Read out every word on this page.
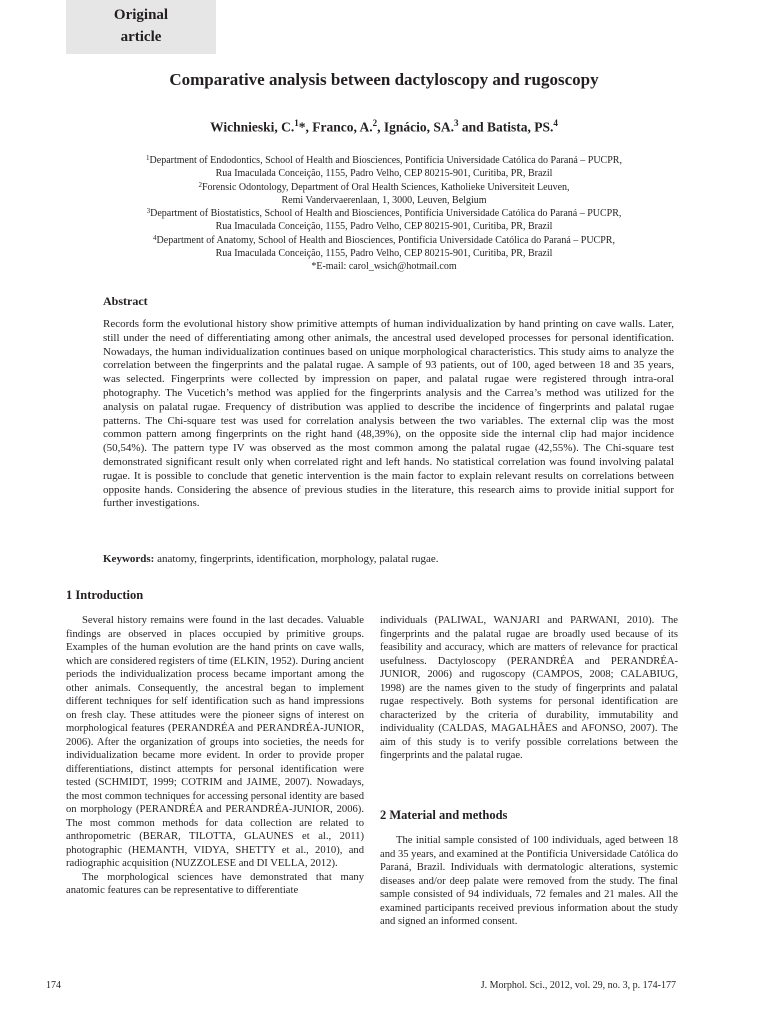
Original
article
Comparative analysis between dactyloscopy and rugoscopy
Wichnieski, C.$^1$*, Franco, A.$^2$, Ignácio, SA.$^3$ and Batista, PS.$^4$
$^1$Department of Endodontics, School of Health and Biosciences, Pontifícia Universidade Católica do Paraná – PUCPR,
Rua Imaculada Conceição, 1155, Padro Velho, CEP 80215-901, Curitiba, PR, Brazil
$^2$Forensic Odontology, Department of Oral Health Sciences, Katholieke Universiteit Leuven,
Remi Vandervaerenlaan, 1, 3000, Leuven, Belgium
$^3$Department of Biostatistics, School of Health and Biosciences, Pontifícia Universidade Católica do Paraná – PUCPR,
Rua Imaculada Conceição, 1155, Padro Velho, CEP 80215-901, Curitiba, PR, Brazil
$^4$Department of Anatomy, School of Health and Biosciences, Pontifícia Universidade Católica do Paraná – PUCPR,
Rua Imaculada Conceição, 1155, Padro Velho, CEP 80215-901, Curitiba, PR, Brazil
*E-mail: carol_wsich@hotmail.com
Abstract
Records form the evolutional history show primitive attempts of human individualization by hand printing on cave walls. Later, still under the need of differentiating among other animals, the ancestral used developed processes for personal identification. Nowadays, the human individualization continues based on unique morphological characteristics. This study aims to analyze the correlation between the fingerprints and the palatal rugae. A sample of 93 patients, out of 100, aged between 18 and 35 years, was selected. Fingerprints were collected by impression on paper, and palatal rugae were registered through intra-oral photography. The Vucetich’s method was applied for the fingerprints analysis and the Carrea’s method was utilized for the analysis on palatal rugae. Frequency of distribution was applied to describe the incidence of fingerprints and palatal rugae patterns. The Chi-square test was used for correlation analysis between the two variables. The external clip was the most common pattern among fingerprints on the right hand (48,39%), on the opposite side the internal clip had major incidence (50,54%). The pattern type IV was observed as the most common among the palatal rugae (42,55%). The Chi-square test demonstrated significant result only when correlated right and left hands. No statistical correlation was found involving palatal rugae. It is possible to conclude that genetic intervention is the main factor to explain relevant results on correlations between opposite hands. Considering the absence of previous studies in the literature, this research aims to provide initial support for further investigations.
Keywords: anatomy, fingerprints, identification, morphology, palatal rugae.
1 Introduction

Several history remains were found in the last decades. Valuable findings are observed in places occupied by primitive groups. Examples of the human evolution are the hand prints on cave walls, which are considered registers of time (ELKIN, 1952). During ancient periods the individualization process became important among the other animals. Consequently, the ancestral began to implement different techniques for self identification such as hand impressions on fresh clay. These attitudes were the pioneer signs of interest on morphological features (PERANDRÉA and PERANDRÉA-JUNIOR, 2006). After the organization of groups into societies, the needs for individualization became more evident. In order to provide proper differentiations, distinct attempts for personal identification were tested (SCHMIDT, 1999; COTRIM and JAIME, 2007). Nowadays, the most common techniques for accessing personal identity are based on morphology (PERANDRÉA and PERANDRÉA-JUNIOR, 2006). The most common methods for data collection are related to anthropometric (BERAR, TILOTTA, GLAUNES et al., 2011) photographic (HEMANTH, VIDYA, SHETTY et al., 2010), and radiographic acquisition (NUZZOLESE and DI VELLA, 2012).

The morphological sciences have demonstrated that many anatomic features can be representative to differentiate

individuals (PALIWAL, WANJARI and PARWANI, 2010). The fingerprints and the palatal rugae are broadly used because of its feasibility and accuracy, which are matters of relevance for practical usefulness. Dactyloscopy (PERANDRÉA and PERANDRÉA-JUNIOR, 2006) and rugoscopy (CAMPOS, 2008; CALABIUG, 1998) are the names given to the study of fingerprints and palatal rugae respectively. Both systems for personal identification are characterized by the criteria of durability, immutability and individuality (CALDAS, MAGALHÃES and AFONSO, 2007). The aim of this study is to verify possible correlations between the fingerprints and the palatal rugae.

2 Material and methods

The initial sample consisted of 100 individuals, aged between 18 and 35 years, and examined at the Pontifícia Universidade Católica do Paraná, Brazil. Individuals with dermatologic alterations, systemic diseases and/or deep palate were removed from the study. The final sample consisted of 94 individuals, 72 females and 21 males. All the examined participants received previous information about the study and signed an informed consent.

174	J. Morphol. Sci., 2012, vol. 29, no. 3, p. 174-177
